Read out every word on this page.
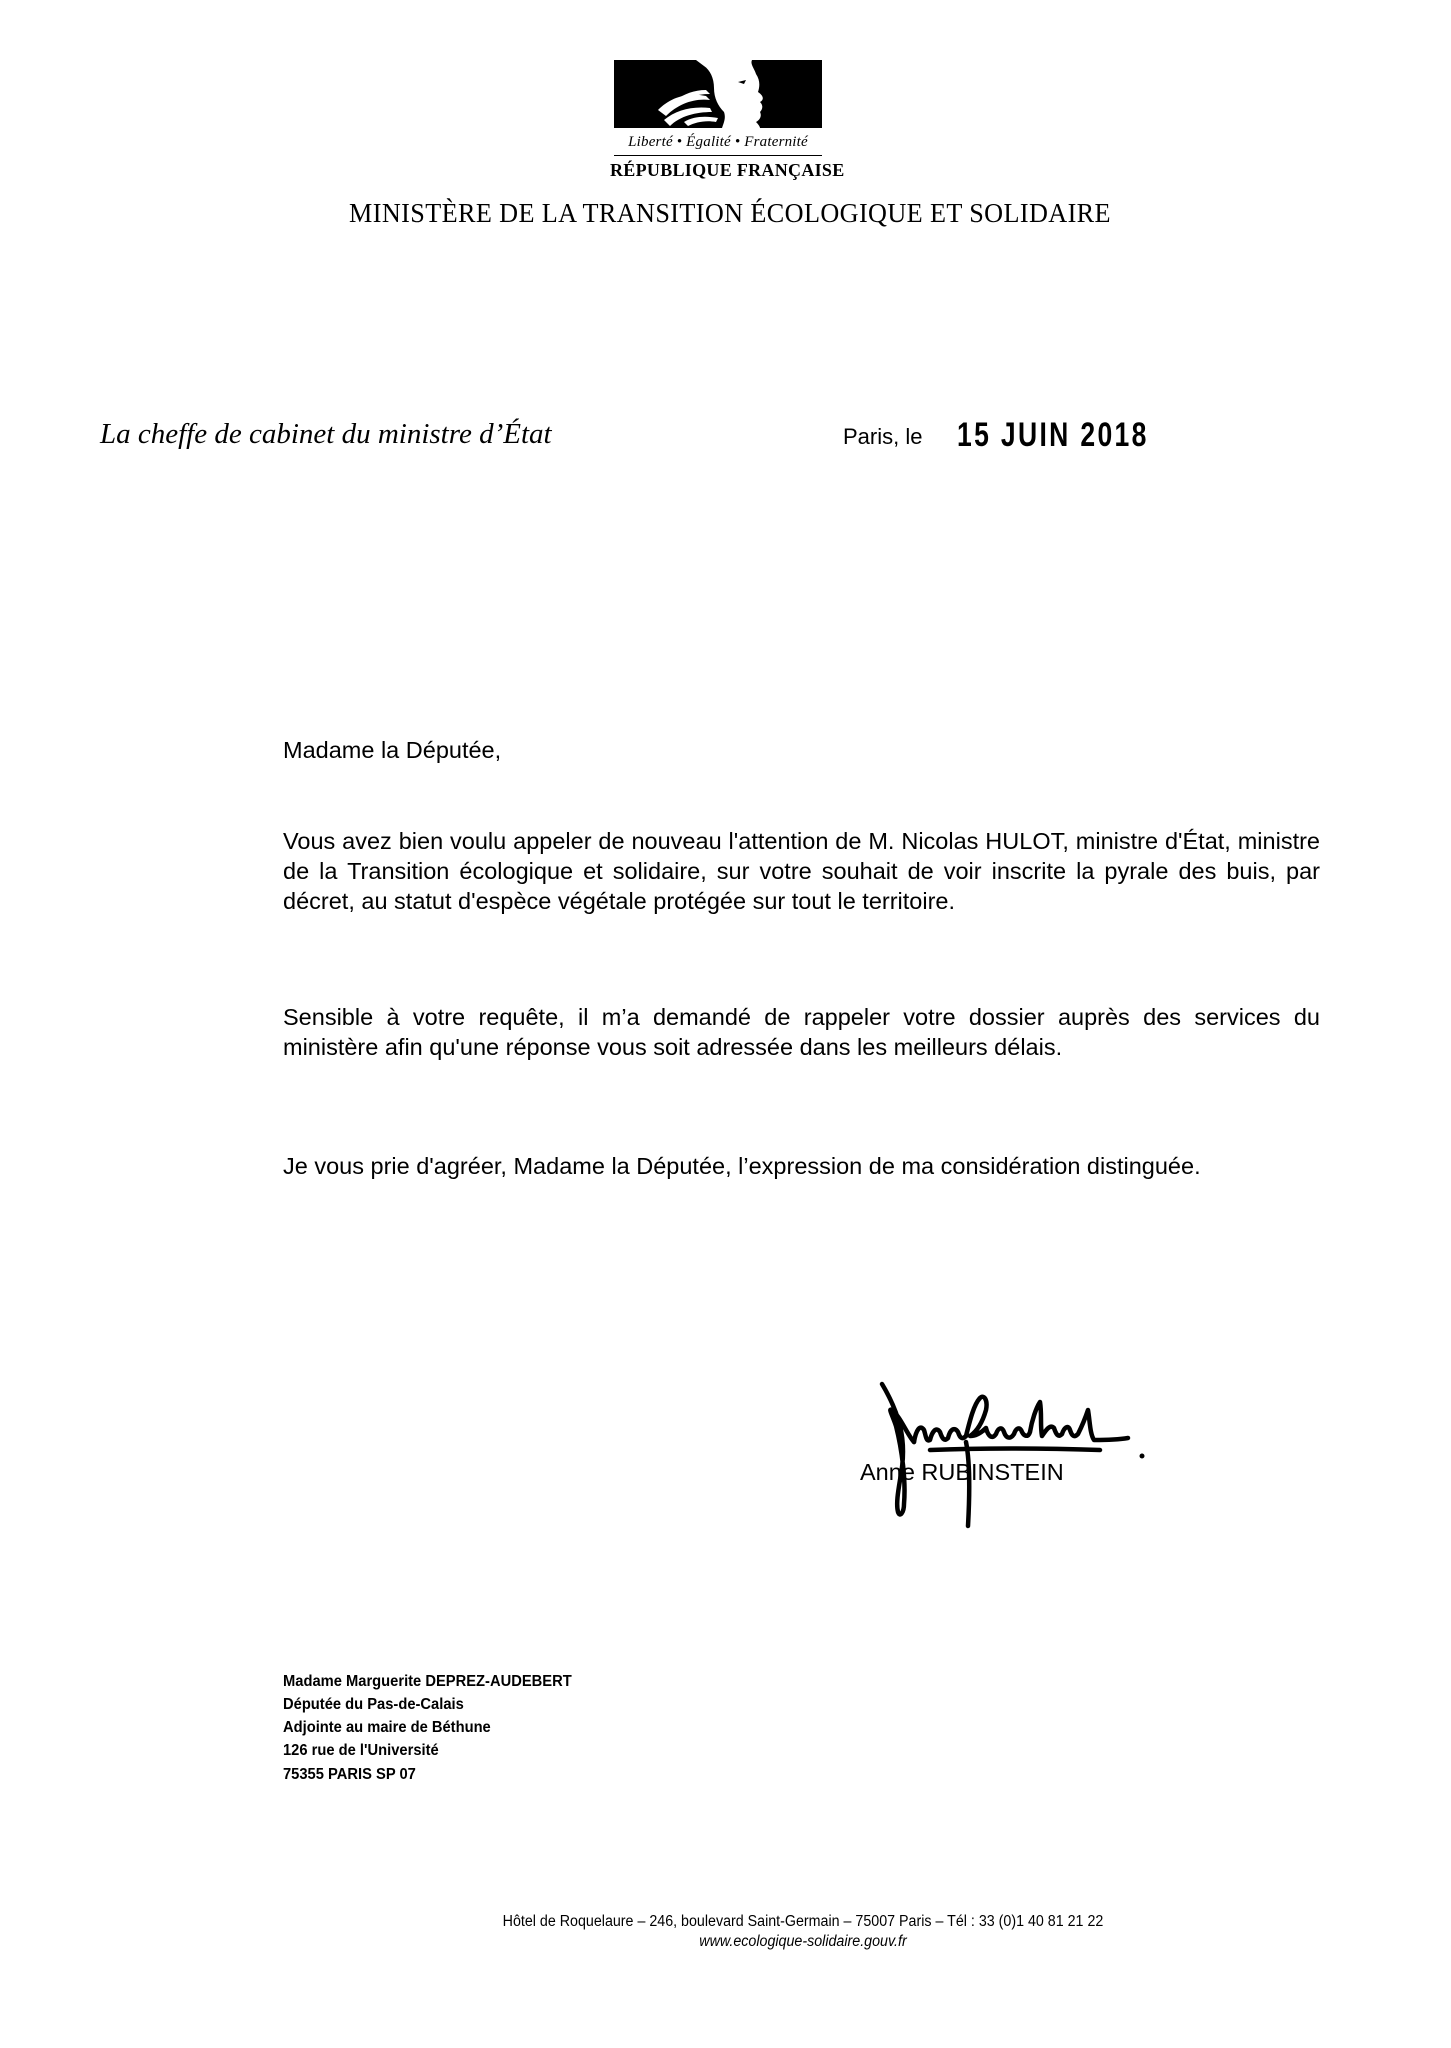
Liberté • Égalité • Fraternité
RÉPUBLIQUE FRANÇAISE
MINISTÈRE DE LA TRANSITION ÉCOLOGIQUE ET SOLIDAIRE
La cheffe de cabinet du ministre d’État	Paris, le 15 JUIN 2018
Madame la Députée,
Vous avez bien voulu appeler de nouveau l'attention de M. Nicolas HULOT, ministre d'État, ministre de la Transition écologique et solidaire, sur votre souhait de voir inscrite la pyrale des buis, par décret, au statut d'espèce végétale protégée sur tout le territoire.
Sensible à votre requête, il m’a demandé de rappeler votre dossier auprès des services du ministère afin qu'une réponse vous soit adressée dans les meilleurs délais.
Je vous prie d'agréer, Madame la Députée, l’expression de ma considération distinguée.
Anne RUBINSTEIN
Madame Marguerite DEPREZ-AUDEBERT
Députée du Pas-de-Calais
Adjointe au maire de Béthune
126 rue de l'Université
75355 PARIS SP 07
Hôtel de Roquelaure – 246, boulevard Saint-Germain – 75007 Paris – Tél : 33 (0)1 40 81 21 22
www.ecologique-solidaire.gouv.fr
